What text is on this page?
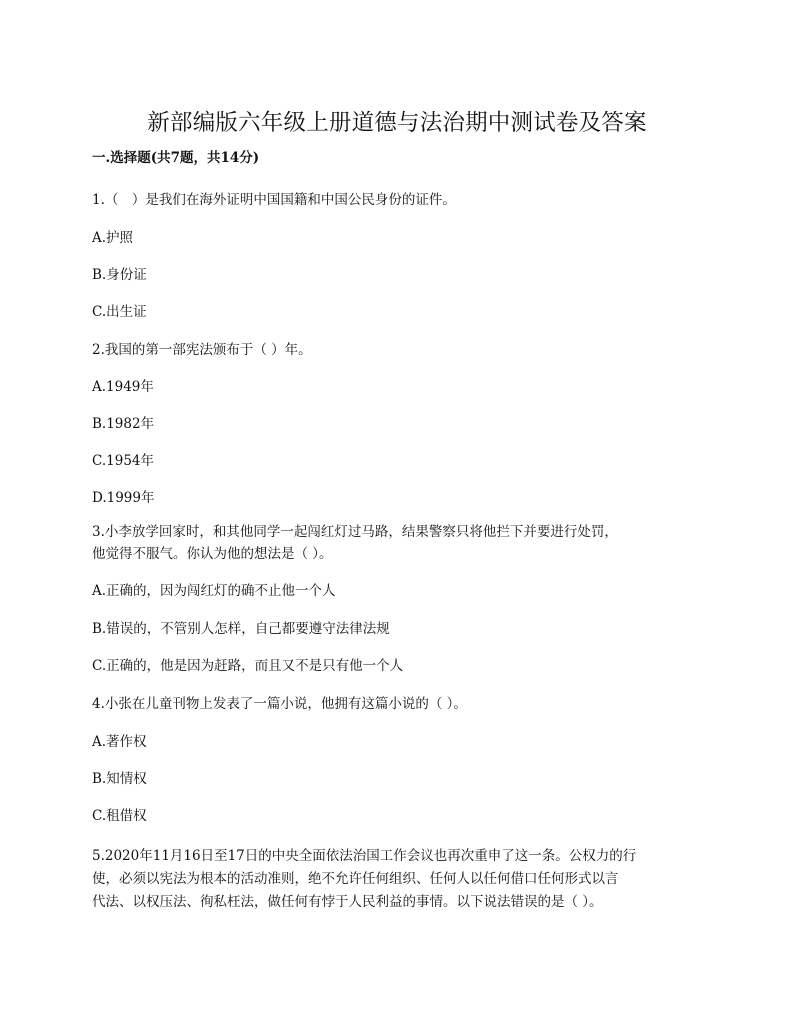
新部编版六年级上册道德与法治期中测试卷及答案
一.选择题(共7题，共14分)
1.（　）是我们在海外证明中国国籍和中国公民身份的证件。
A.护照
B.身份证
C.出生证
2.我国的第一部宪法颁布于（ ）年。
A.1949年
B.1982年
C.1954年
D.1999年
3.小李放学回家时，和其他同学一起闯红灯过马路，结果警察只将他拦下并要进行处罚，
他觉得不服气。你认为他的想法是（ ）。
A.正确的，因为闯红灯的确不止他一个人
B.错误的，不管别人怎样，自己都要遵守法律法规
C.正确的，他是因为赶路，而且又不是只有他一个人
4.小张在儿童刊物上发表了一篇小说，他拥有这篇小说的（ ）。
A.著作权
B.知情权
C.租借权
5.2020年11月16日至17日的中央全面依法治国工作会议也再次重申了这一条。公权力的行
使，必须以宪法为根本的活动准则，绝不允许任何组织、任何人以任何借口任何形式以言
代法、以权压法、徇私枉法，做任何有悖于人民利益的事情。以下说法错误的是（ ）。
